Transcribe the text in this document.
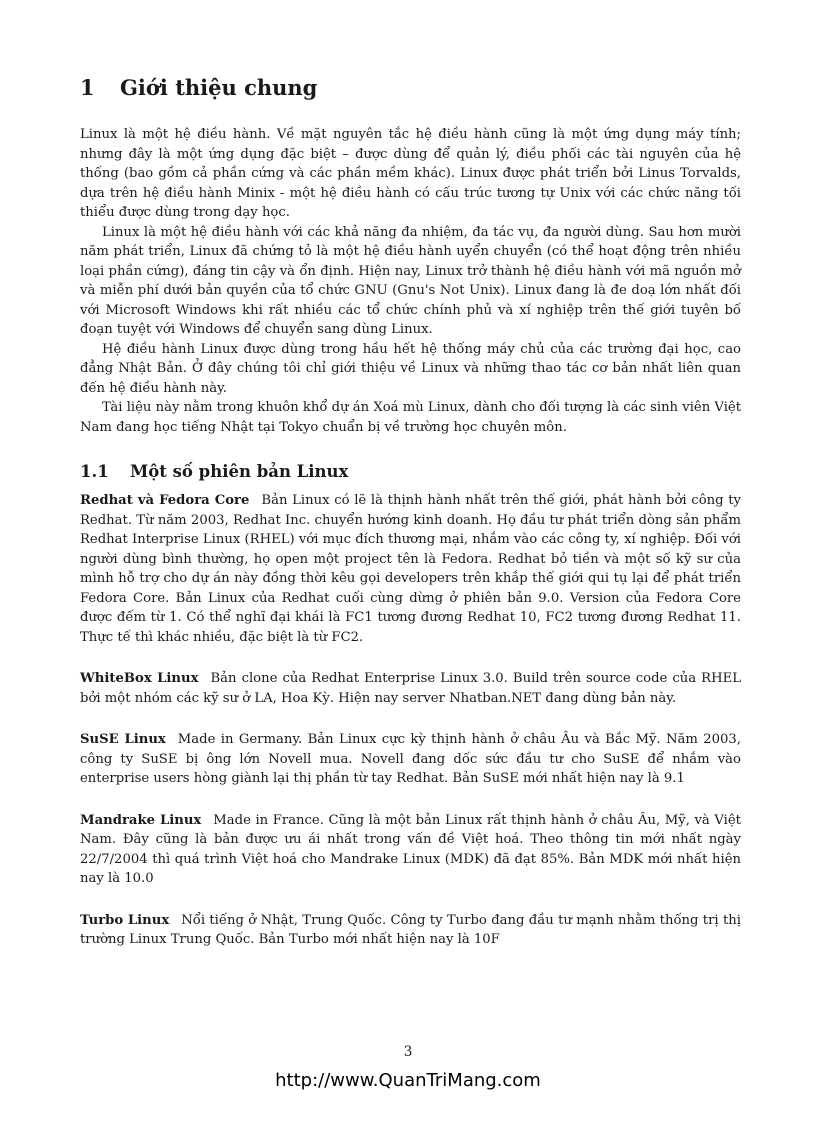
1 Giới thiệu chung

Linux là một hệ điều hành. Về mặt nguyên tắc hệ điều hành cũng là một ứng dụng máy tính; nhưng đây là một ứng dụng đặc biệt – được dùng để quản lý, điều phối các tài nguyên của hệ thống (bao gồm cả phần cứng và các phần mềm khác). Linux được phát triển bởi Linus Torvalds, dựa trên hệ điều hành Minix - một hệ điều hành có cấu trúc tương tự Unix với các chức năng tối thiểu được dùng trong dạy học.

Linux là một hệ điều hành với các khả năng đa nhiệm, đa tác vụ, đa người dùng. Sau hơn mười năm phát triển, Linux đã chứng tỏ là một hệ điều hành uyển chuyển (có thể hoạt động trên nhiều loại phần cứng), đáng tin cậy và ổn định. Hiện nay, Linux trở thành hệ điều hành với mã nguồn mở và miễn phí dưới bản quyền của tổ chức GNU (Gnu's Not Unix). Linux đang là đe doạ lớn nhất đối với Microsoft Windows khi rất nhiều các tổ chức chính phủ và xí nghiệp trên thế giới tuyên bố đoạn tuyệt với Windows để chuyển sang dùng Linux.

Hệ điều hành Linux được dùng trong hầu hết hệ thống máy chủ của các trường đại học, cao đẳng Nhật Bản. Ở đây chúng tôi chỉ giới thiệu về Linux và những thao tác cơ bản nhất liên quan đến hệ điều hành này.

Tài liệu này nằm trong khuôn khổ dự án Xoá mù Linux, dành cho đối tượng là các sinh viên Việt Nam đang học tiếng Nhật tại Tokyo chuẩn bị về trường học chuyên môn.

1.1 Một số phiên bản Linux

Redhat và Fedora Core Bản Linux có lẽ là thịnh hành nhất trên thế giới, phát hành bởi công ty Redhat. Từ năm 2003, Redhat Inc. chuyển hướng kinh doanh. Họ đầu tư phát triển dòng sản phẩm Redhat Interprise Linux (RHEL) với mục đích thương mại, nhắm vào các công ty, xí nghiệp. Đối với người dùng bình thường, họ open một project tên là Fedora. Redhat bỏ tiền và một số kỹ sư của mình hỗ trợ cho dự án này đồng thời kêu gọi developers trên khắp thế giới qui tụ lại để phát triển Fedora Core. Bản Linux của Redhat cuối cùng dừng ở phiên bản 9.0. Version của Fedora Core được đếm từ 1. Có thể nghĩ đại khái là FC1 tương đương Redhat 10, FC2 tương đương Redhat 11. Thực tế thì khác nhiều, đặc biệt là từ FC2.

WhiteBox Linux Bản clone của Redhat Enterprise Linux 3.0. Build trên source code của RHEL bởi một nhóm các kỹ sư ở LA, Hoa Kỳ. Hiện nay server Nhatban.NET đang dùng bản này.

SuSE Linux Made in Germany. Bản Linux cực kỳ thịnh hành ở châu Âu và Bắc Mỹ. Năm 2003, công ty SuSE bị ông lớn Novell mua. Novell đang dốc sức đầu tư cho SuSE để nhắm vào enterprise users hòng giành lại thị phần từ tay Redhat. Bản SuSE mới nhất hiện nay là 9.1

Mandrake Linux Made in France. Cũng là một bản Linux rất thịnh hành ở châu Âu, Mỹ, và Việt Nam. Đây cũng là bản được ưu ái nhất trong vấn đề Việt hoá. Theo thông tin mới nhất ngày 22/7/2004 thì quá trình Việt hoá cho Mandrake Linux (MDK) đã đạt 85%. Bản MDK mới nhất hiện nay là 10.0

Turbo Linux Nổi tiếng ở Nhật, Trung Quốc. Công ty Turbo đang đầu tư mạnh nhằm thống trị thị trường Linux Trung Quốc. Bản Turbo mới nhất hiện nay là 10F

3
http://www.QuanTriMang.com
